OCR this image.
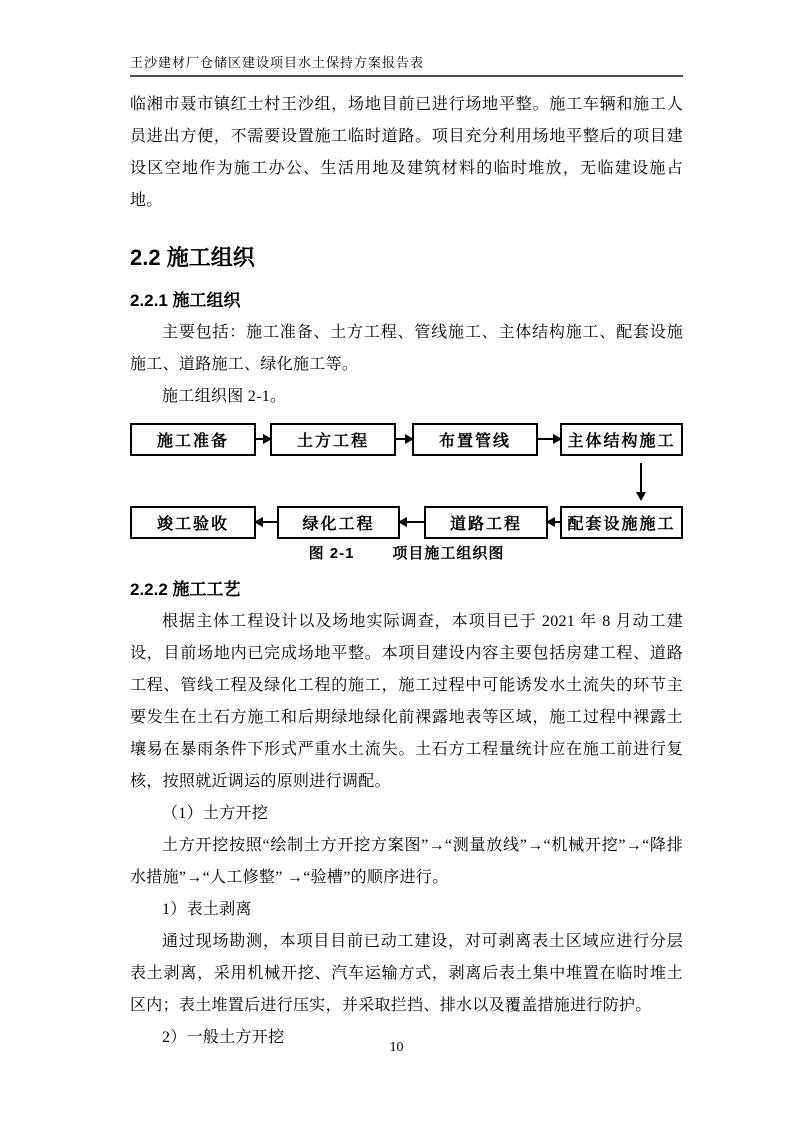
王沙建材厂仓储区建设项目水土保持方案报告表

临湘市聂市镇红士村王沙组，场地目前已进行场地平整。施工车辆和施工人员进出方便，不需要设置施工临时道路。项目充分利用场地平整后的项目建设区空地作为施工办公、生活用地及建筑材料的临时堆放，无临建设施占地。

2.2 施工组织
2.2.1 施工组织

主要包括：施工准备、土方工程、管线施工、主体结构施工、配套设施施工、道路施工、绿化施工等。

施工组织图 2-1。

施工准备	土方工程	布置管线	主体结构施工
竣工验收	绿化工程	道路工程	配套设施施工
图 2-1	项目施工组织图
2.2.2 施工工艺

根据主体工程设计以及场地实际调查，本项目已于 2021 年 8 月动工建设，目前场地内已完成场地平整。本项目建设内容主要包括房建工程、道路工程、管线工程及绿化工程的施工，施工过程中可能诱发水土流失的环节主要发生在土石方施工和后期绿地绿化前裸露地表等区域，施工过程中裸露土壤易在暴雨条件下形式严重水土流失。土石方工程量统计应在施工前进行复核，按照就近调运的原则进行调配。

（1）土方开挖

土方开挖按照“绘制土方开挖方案图”→“测量放线”→“机械开挖”→“降排水措施”→“人工修整” →“验槽”的顺序进行。

1）表土剥离

通过现场勘测，本项目目前已动工建设，对可剥离表土区域应进行分层表土剥离，采用机械开挖、汽车运输方式，剥离后表土集中堆置在临时堆土区内；表土堆置后进行压实，并采取拦挡、排水以及覆盖措施进行防护。

2）一般土方开挖

10
